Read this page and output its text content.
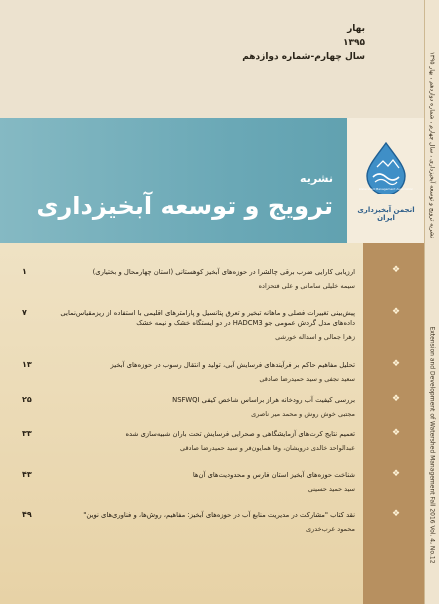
بهار
۱۳۹۵
سال چهارم-شماره دوازدهم
Watershed Management Association
انجمن آبخیزداری ایران
نشریه
ترویج و توسعه آبخیزداری
❖
ارزیابی کارایی ضرب برقی چالشرا در حوزه‌های آبخیز کوهستانی (استان چهارمحال و بختیاری)
سیمه خلیلی سامانی و علی فتحزاده
۱
❖
پیش‌بینی تغییرات فصلی و ماهانه تبخیر و تعرق پتانسیل و پارامترهای اقلیمی با استفاده از ریزمقیاس‌نمایی داده‌های مدل گردش عمومی جو HADCM3 در دو ایستگاه خشک و نیمه خشک
زهرا جمالی و اسداله خورشی
۷
❖
تحلیل مفاهیم حاکم بر فرآیندهای فرسایش آبی، تولید و انتقال رسوب در حوزه‌های آبخیز
سعید نجفی و سید حمیدرضا صادقی
۱۳
❖
بررسی کیفیت آب رودخانه هراز براساس شاخص کیفی NSFWQI
مجتبی خوش روش و محمد میر ناصری
۲۵
❖
تعمیم نتایج کرت‌های آزمایشگاهی و صحرایی فرسایش تحت باران شبیه‌سازی شده
عبدالواحد خالدی درویشان، وفا همایون‌فر و سید حمیدرضا صادقی
۳۳
❖
شناخت حوزه‌های آبخیز استان فارس و محدودیت‌های آن‌ها
سید حمید حسینی
۴۳
❖
نقد کتاب "مشارکت در مدیریت منابع آب در حوزه‌های آبخیز: مفاهیم، روش‌ها، و فناوری‌های نوین"
محمود عرب‌خدری
۴۹
نشریه ترویج و توسعه آبخیزداری ، سال چهارم ، شماره دوازدهم ، بهار ۱۳۹۵
Extension and Development of Watershed Management Fall 2016 Vol. 4, No.12
